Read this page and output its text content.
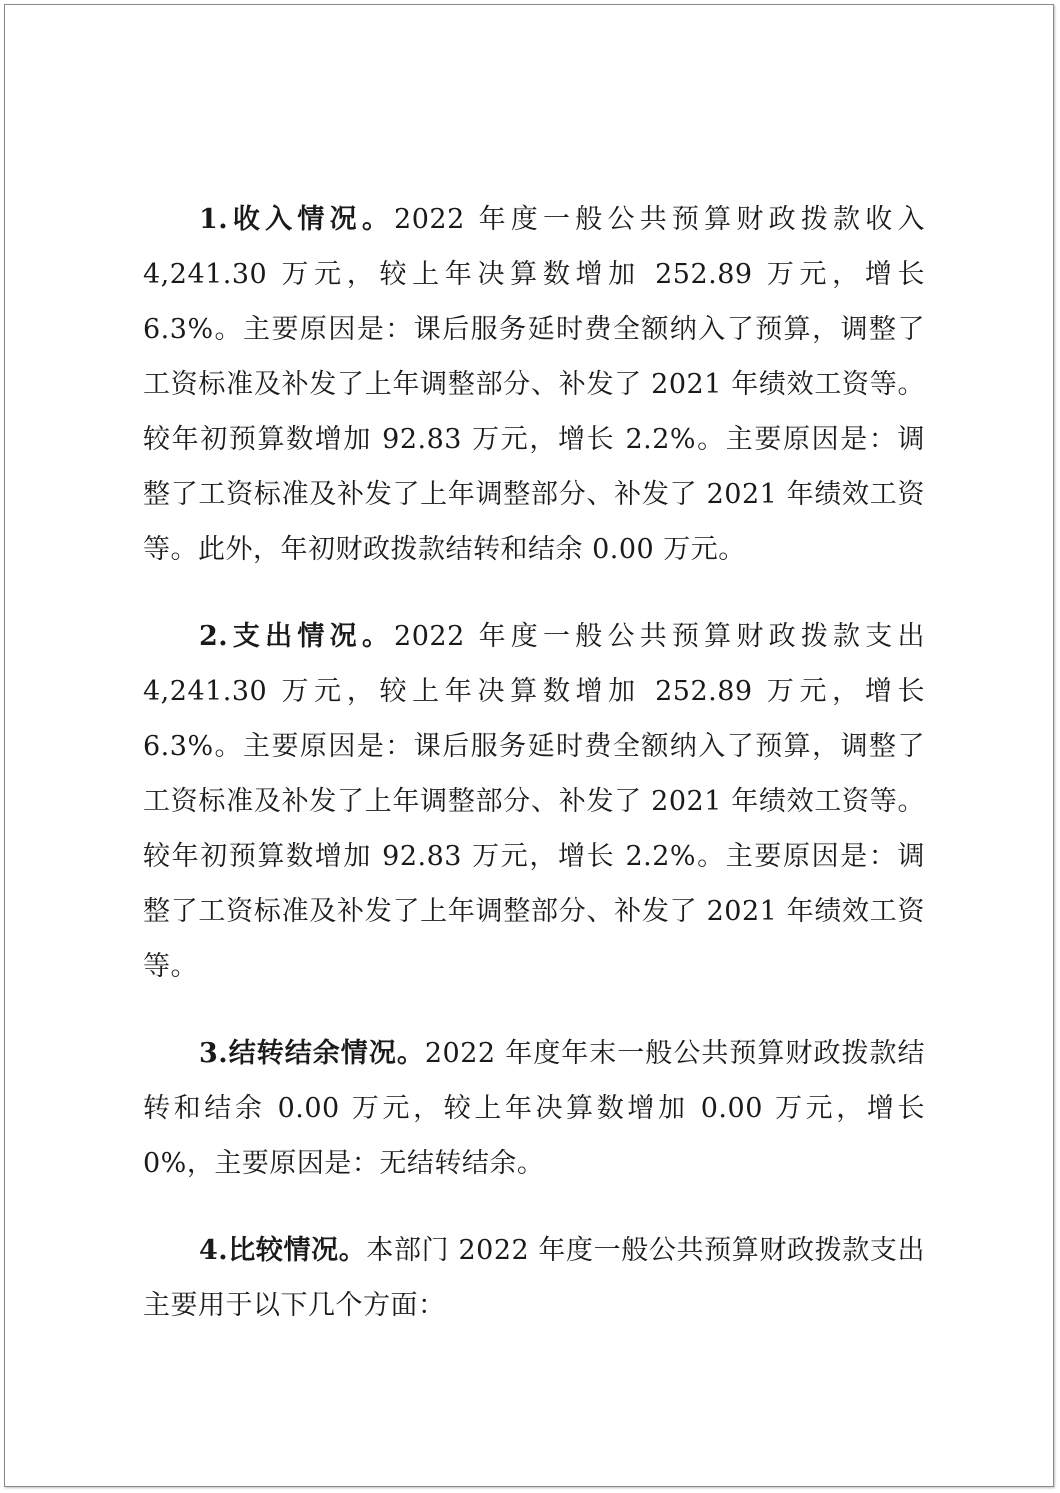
1.收入情况。2022 年度一般公共预算财政拨款收入 4,241.30 万元，较上年决算数增加 252.89 万元，增长 6.3%。主要原因是：课后服务延时费全额纳入了预算，调整了工资标准及补发了上年调整部分、补发了 2021 年绩效工资等。较年初预算数增加 92.83 万元，增长 2.2%。主要原因是：调整了工资标准及补发了上年调整部分、补发了 2021 年绩效工资等。此外，年初财政拨款结转和结余 0.00 万元。

2.支出情况。2022 年度一般公共预算财政拨款支出 4,241.30 万元，较上年决算数增加 252.89 万元，增长 6.3%。主要原因是：课后服务延时费全额纳入了预算，调整了工资标准及补发了上年调整部分、补发了 2021 年绩效工资等。较年初预算数增加 92.83 万元，增长 2.2%。主要原因是：调整了工资标准及补发了上年调整部分、补发了 2021 年绩效工资等。

3.结转结余情况。2022 年度年末一般公共预算财政拨款结转和结余 0.00 万元，较上年决算数增加 0.00 万元，增长 0%，主要原因是：无结转结余。

4.比较情况。本部门 2022 年度一般公共预算财政拨款支出主要用于以下几个方面：
